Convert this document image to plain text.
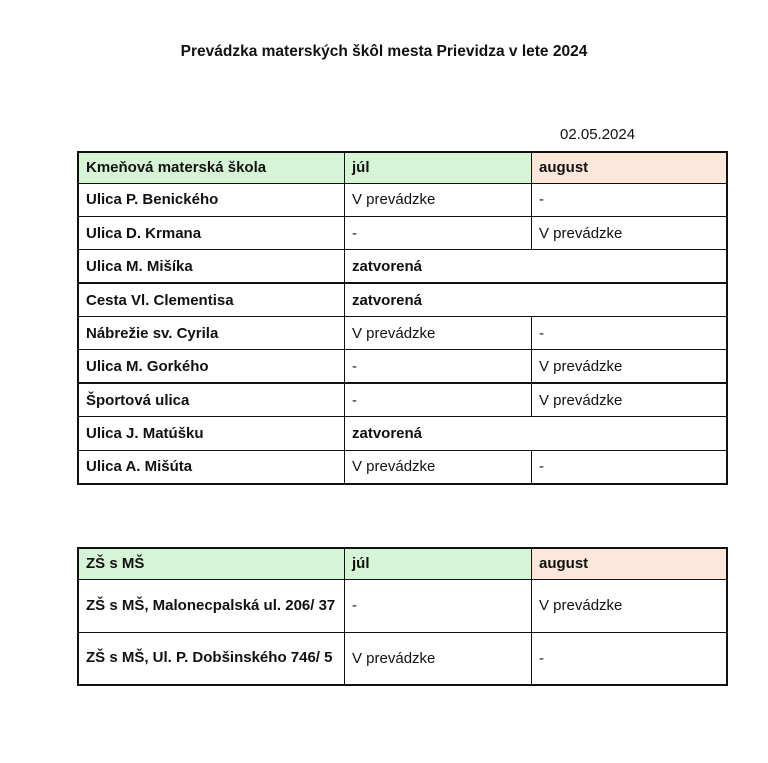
Prevádzka materských škôl mesta Prievidza v lete 2024
02.05.2024
Kmeňová materská škola	júl	august
Ulica P. Benického	V prevádzke	-
Ulica D. Krmana	-	V prevádzke
Ulica M. Mišíka	zatvorená	
Cesta Vl. Clementisa	zatvorená	
Nábrežie sv. Cyrila	V prevádzke	-
Ulica M. Gorkého	-	V prevádzke
Športová ulica	-	V prevádzke
Ulica J. Matúšku	zatvorená	
Ulica A. Mišúta	V prevádzke	-
ZŠ s MŠ	júl	august
ZŠ s MŠ, Malonecpalská ul. 206/ 37	-	V prevádzke
ZŠ s MŠ, Ul. P. Dobšinského 746/ 5	V prevádzke	-
